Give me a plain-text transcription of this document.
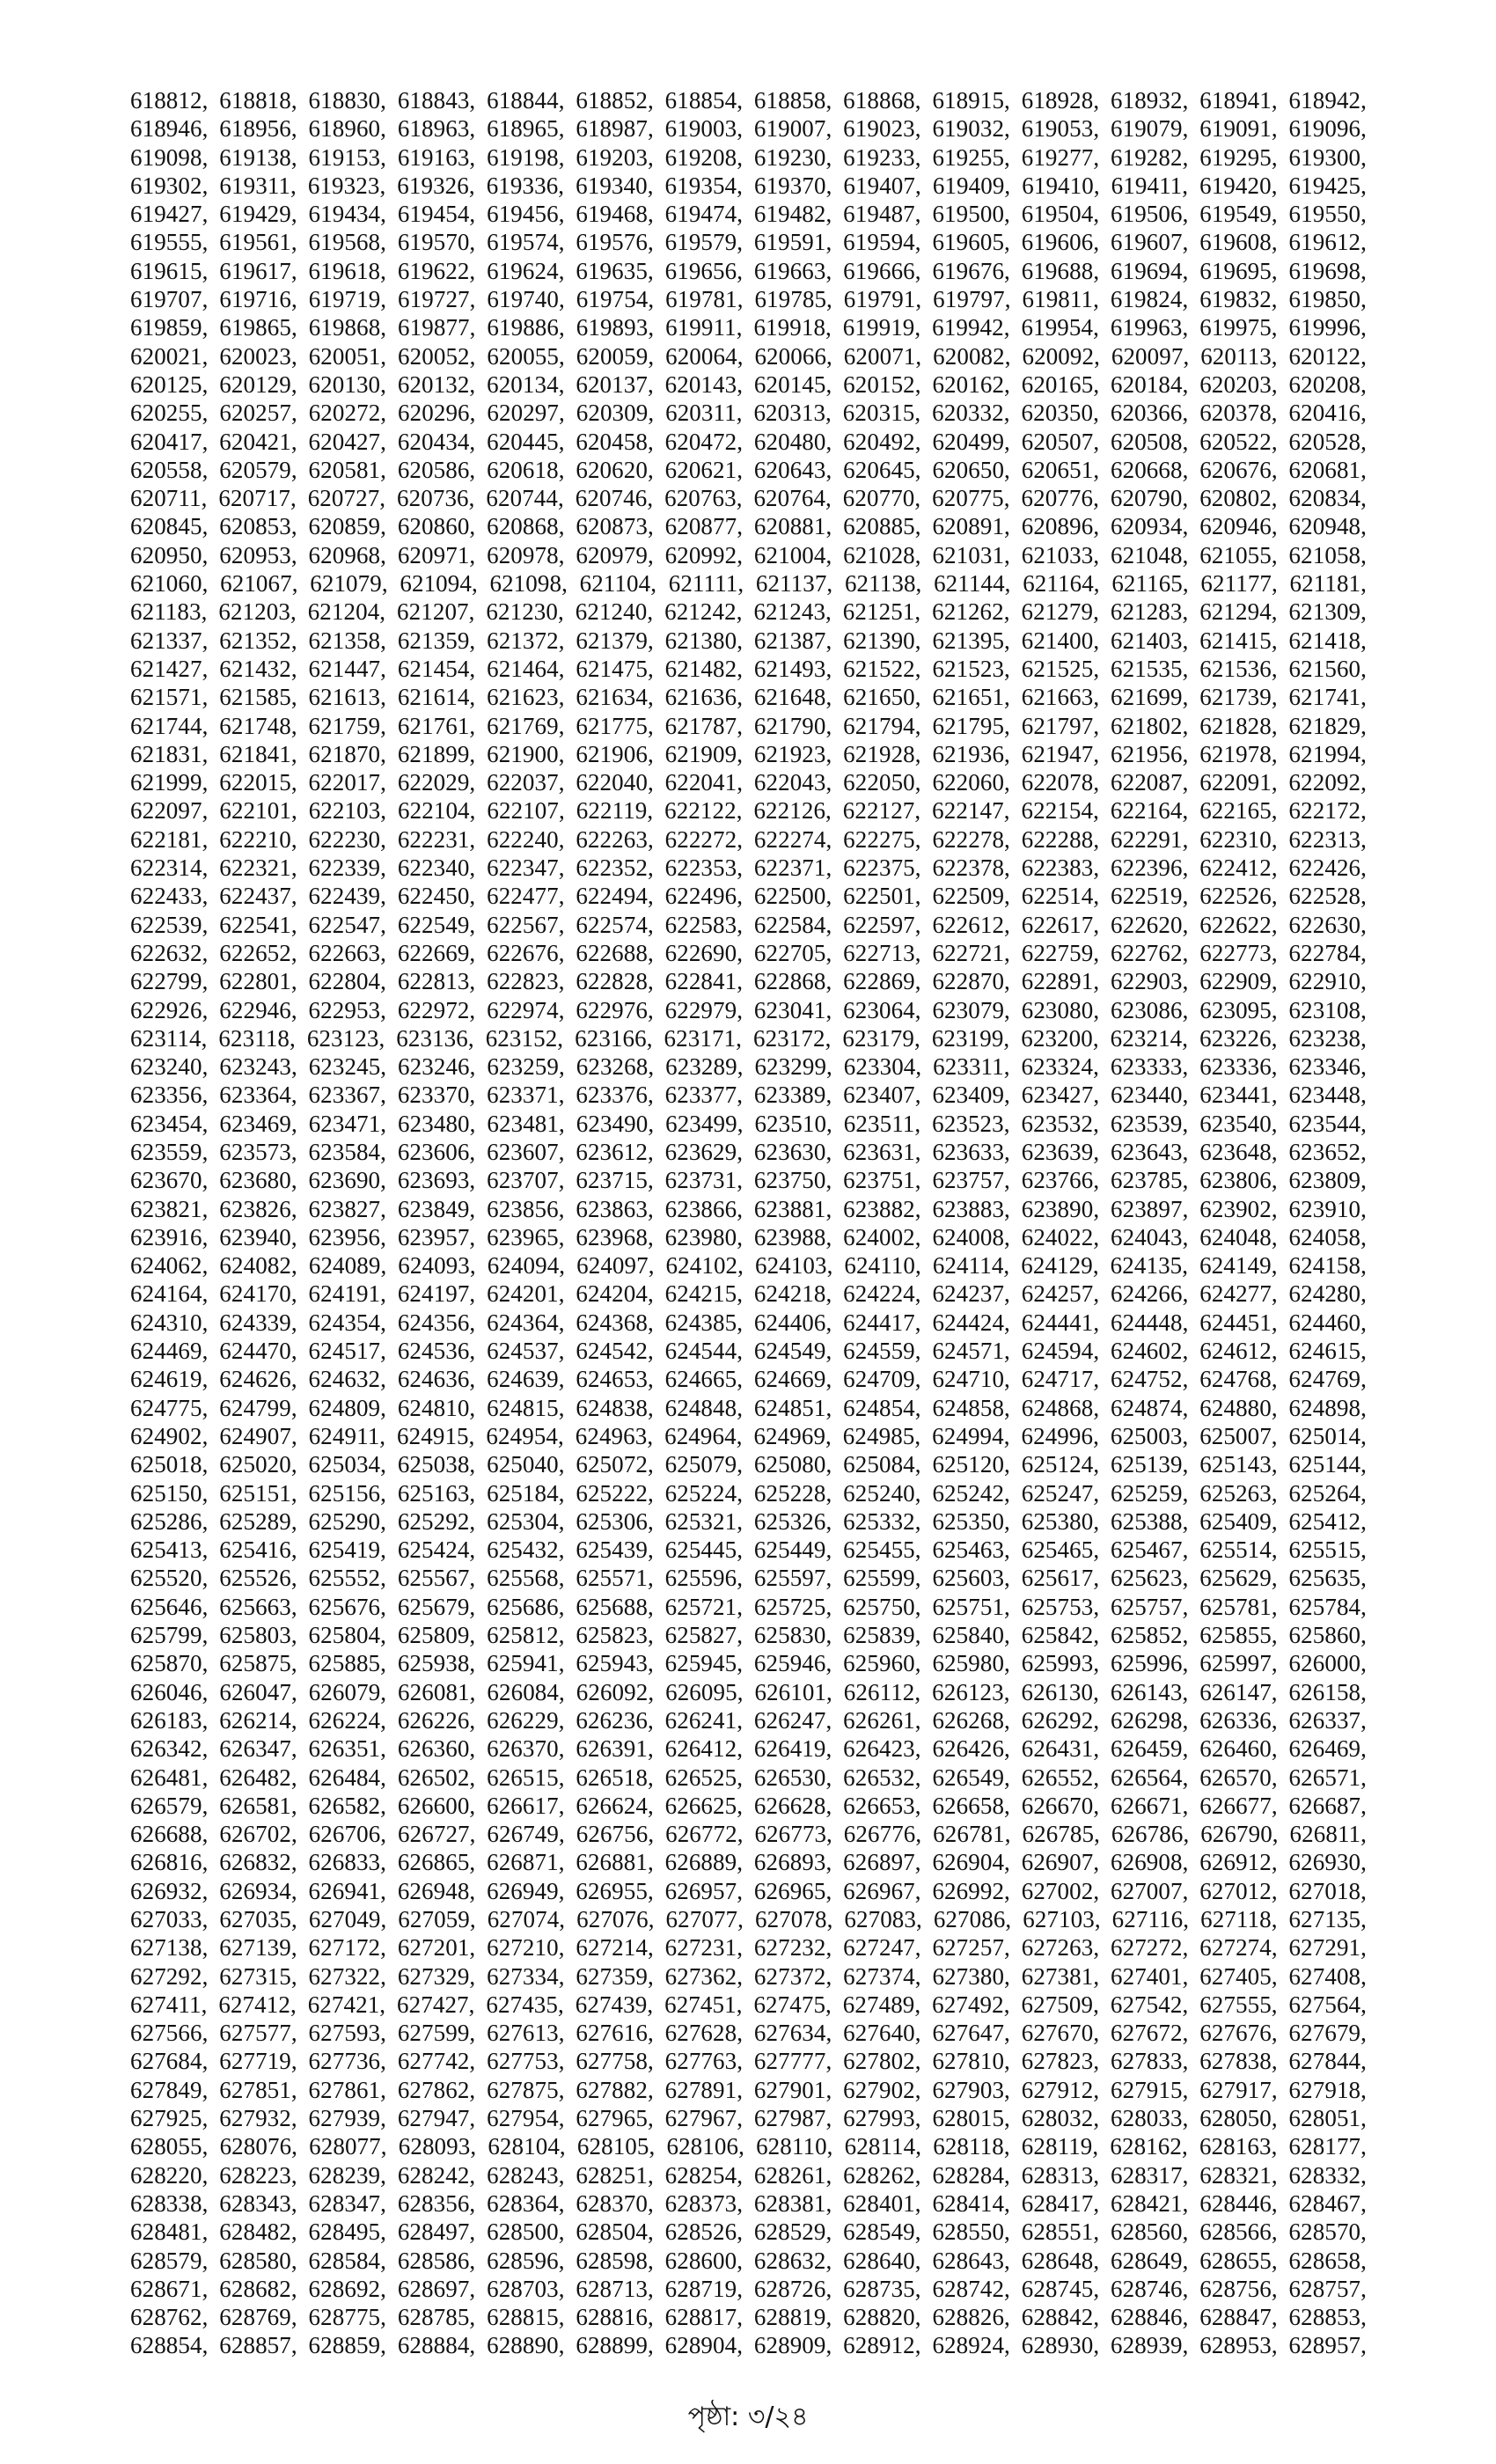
618812, 618818, 618830, 618843, 618844, 618852, 618854, 618858, 618868, 618915, 618928, 618932, 618941, 618942,
618946, 618956, 618960, 618963, 618965, 618987, 619003, 619007, 619023, 619032, 619053, 619079, 619091, 619096,
619098, 619138, 619153, 619163, 619198, 619203, 619208, 619230, 619233, 619255, 619277, 619282, 619295, 619300,
619302, 619311, 619323, 619326, 619336, 619340, 619354, 619370, 619407, 619409, 619410, 619411, 619420, 619425,
619427, 619429, 619434, 619454, 619456, 619468, 619474, 619482, 619487, 619500, 619504, 619506, 619549, 619550,
619555, 619561, 619568, 619570, 619574, 619576, 619579, 619591, 619594, 619605, 619606, 619607, 619608, 619612,
619615, 619617, 619618, 619622, 619624, 619635, 619656, 619663, 619666, 619676, 619688, 619694, 619695, 619698,
619707, 619716, 619719, 619727, 619740, 619754, 619781, 619785, 619791, 619797, 619811, 619824, 619832, 619850,
619859, 619865, 619868, 619877, 619886, 619893, 619911, 619918, 619919, 619942, 619954, 619963, 619975, 619996,
620021, 620023, 620051, 620052, 620055, 620059, 620064, 620066, 620071, 620082, 620092, 620097, 620113, 620122,
620125, 620129, 620130, 620132, 620134, 620137, 620143, 620145, 620152, 620162, 620165, 620184, 620203, 620208,
620255, 620257, 620272, 620296, 620297, 620309, 620311, 620313, 620315, 620332, 620350, 620366, 620378, 620416,
620417, 620421, 620427, 620434, 620445, 620458, 620472, 620480, 620492, 620499, 620507, 620508, 620522, 620528,
620558, 620579, 620581, 620586, 620618, 620620, 620621, 620643, 620645, 620650, 620651, 620668, 620676, 620681,
620711, 620717, 620727, 620736, 620744, 620746, 620763, 620764, 620770, 620775, 620776, 620790, 620802, 620834,
620845, 620853, 620859, 620860, 620868, 620873, 620877, 620881, 620885, 620891, 620896, 620934, 620946, 620948,
620950, 620953, 620968, 620971, 620978, 620979, 620992, 621004, 621028, 621031, 621033, 621048, 621055, 621058,
621060, 621067, 621079, 621094, 621098, 621104, 621111, 621137, 621138, 621144, 621164, 621165, 621177, 621181,
621183, 621203, 621204, 621207, 621230, 621240, 621242, 621243, 621251, 621262, 621279, 621283, 621294, 621309,
621337, 621352, 621358, 621359, 621372, 621379, 621380, 621387, 621390, 621395, 621400, 621403, 621415, 621418,
621427, 621432, 621447, 621454, 621464, 621475, 621482, 621493, 621522, 621523, 621525, 621535, 621536, 621560,
621571, 621585, 621613, 621614, 621623, 621634, 621636, 621648, 621650, 621651, 621663, 621699, 621739, 621741,
621744, 621748, 621759, 621761, 621769, 621775, 621787, 621790, 621794, 621795, 621797, 621802, 621828, 621829,
621831, 621841, 621870, 621899, 621900, 621906, 621909, 621923, 621928, 621936, 621947, 621956, 621978, 621994,
621999, 622015, 622017, 622029, 622037, 622040, 622041, 622043, 622050, 622060, 622078, 622087, 622091, 622092,
622097, 622101, 622103, 622104, 622107, 622119, 622122, 622126, 622127, 622147, 622154, 622164, 622165, 622172,
622181, 622210, 622230, 622231, 622240, 622263, 622272, 622274, 622275, 622278, 622288, 622291, 622310, 622313,
622314, 622321, 622339, 622340, 622347, 622352, 622353, 622371, 622375, 622378, 622383, 622396, 622412, 622426,
622433, 622437, 622439, 622450, 622477, 622494, 622496, 622500, 622501, 622509, 622514, 622519, 622526, 622528,
622539, 622541, 622547, 622549, 622567, 622574, 622583, 622584, 622597, 622612, 622617, 622620, 622622, 622630,
622632, 622652, 622663, 622669, 622676, 622688, 622690, 622705, 622713, 622721, 622759, 622762, 622773, 622784,
622799, 622801, 622804, 622813, 622823, 622828, 622841, 622868, 622869, 622870, 622891, 622903, 622909, 622910,
622926, 622946, 622953, 622972, 622974, 622976, 622979, 623041, 623064, 623079, 623080, 623086, 623095, 623108,
623114, 623118, 623123, 623136, 623152, 623166, 623171, 623172, 623179, 623199, 623200, 623214, 623226, 623238,
623240, 623243, 623245, 623246, 623259, 623268, 623289, 623299, 623304, 623311, 623324, 623333, 623336, 623346,
623356, 623364, 623367, 623370, 623371, 623376, 623377, 623389, 623407, 623409, 623427, 623440, 623441, 623448,
623454, 623469, 623471, 623480, 623481, 623490, 623499, 623510, 623511, 623523, 623532, 623539, 623540, 623544,
623559, 623573, 623584, 623606, 623607, 623612, 623629, 623630, 623631, 623633, 623639, 623643, 623648, 623652,
623670, 623680, 623690, 623693, 623707, 623715, 623731, 623750, 623751, 623757, 623766, 623785, 623806, 623809,
623821, 623826, 623827, 623849, 623856, 623863, 623866, 623881, 623882, 623883, 623890, 623897, 623902, 623910,
623916, 623940, 623956, 623957, 623965, 623968, 623980, 623988, 624002, 624008, 624022, 624043, 624048, 624058,
624062, 624082, 624089, 624093, 624094, 624097, 624102, 624103, 624110, 624114, 624129, 624135, 624149, 624158,
624164, 624170, 624191, 624197, 624201, 624204, 624215, 624218, 624224, 624237, 624257, 624266, 624277, 624280,
624310, 624339, 624354, 624356, 624364, 624368, 624385, 624406, 624417, 624424, 624441, 624448, 624451, 624460,
624469, 624470, 624517, 624536, 624537, 624542, 624544, 624549, 624559, 624571, 624594, 624602, 624612, 624615,
624619, 624626, 624632, 624636, 624639, 624653, 624665, 624669, 624709, 624710, 624717, 624752, 624768, 624769,
624775, 624799, 624809, 624810, 624815, 624838, 624848, 624851, 624854, 624858, 624868, 624874, 624880, 624898,
624902, 624907, 624911, 624915, 624954, 624963, 624964, 624969, 624985, 624994, 624996, 625003, 625007, 625014,
625018, 625020, 625034, 625038, 625040, 625072, 625079, 625080, 625084, 625120, 625124, 625139, 625143, 625144,
625150, 625151, 625156, 625163, 625184, 625222, 625224, 625228, 625240, 625242, 625247, 625259, 625263, 625264,
625286, 625289, 625290, 625292, 625304, 625306, 625321, 625326, 625332, 625350, 625380, 625388, 625409, 625412,
625413, 625416, 625419, 625424, 625432, 625439, 625445, 625449, 625455, 625463, 625465, 625467, 625514, 625515,
625520, 625526, 625552, 625567, 625568, 625571, 625596, 625597, 625599, 625603, 625617, 625623, 625629, 625635,
625646, 625663, 625676, 625679, 625686, 625688, 625721, 625725, 625750, 625751, 625753, 625757, 625781, 625784,
625799, 625803, 625804, 625809, 625812, 625823, 625827, 625830, 625839, 625840, 625842, 625852, 625855, 625860,
625870, 625875, 625885, 625938, 625941, 625943, 625945, 625946, 625960, 625980, 625993, 625996, 625997, 626000,
626046, 626047, 626079, 626081, 626084, 626092, 626095, 626101, 626112, 626123, 626130, 626143, 626147, 626158,
626183, 626214, 626224, 626226, 626229, 626236, 626241, 626247, 626261, 626268, 626292, 626298, 626336, 626337,
626342, 626347, 626351, 626360, 626370, 626391, 626412, 626419, 626423, 626426, 626431, 626459, 626460, 626469,
626481, 626482, 626484, 626502, 626515, 626518, 626525, 626530, 626532, 626549, 626552, 626564, 626570, 626571,
626579, 626581, 626582, 626600, 626617, 626624, 626625, 626628, 626653, 626658, 626670, 626671, 626677, 626687,
626688, 626702, 626706, 626727, 626749, 626756, 626772, 626773, 626776, 626781, 626785, 626786, 626790, 626811,
626816, 626832, 626833, 626865, 626871, 626881, 626889, 626893, 626897, 626904, 626907, 626908, 626912, 626930,
626932, 626934, 626941, 626948, 626949, 626955, 626957, 626965, 626967, 626992, 627002, 627007, 627012, 627018,
627033, 627035, 627049, 627059, 627074, 627076, 627077, 627078, 627083, 627086, 627103, 627116, 627118, 627135,
627138, 627139, 627172, 627201, 627210, 627214, 627231, 627232, 627247, 627257, 627263, 627272, 627274, 627291,
627292, 627315, 627322, 627329, 627334, 627359, 627362, 627372, 627374, 627380, 627381, 627401, 627405, 627408,
627411, 627412, 627421, 627427, 627435, 627439, 627451, 627475, 627489, 627492, 627509, 627542, 627555, 627564,
627566, 627577, 627593, 627599, 627613, 627616, 627628, 627634, 627640, 627647, 627670, 627672, 627676, 627679,
627684, 627719, 627736, 627742, 627753, 627758, 627763, 627777, 627802, 627810, 627823, 627833, 627838, 627844,
627849, 627851, 627861, 627862, 627875, 627882, 627891, 627901, 627902, 627903, 627912, 627915, 627917, 627918,
627925, 627932, 627939, 627947, 627954, 627965, 627967, 627987, 627993, 628015, 628032, 628033, 628050, 628051,
628055, 628076, 628077, 628093, 628104, 628105, 628106, 628110, 628114, 628118, 628119, 628162, 628163, 628177,
628220, 628223, 628239, 628242, 628243, 628251, 628254, 628261, 628262, 628284, 628313, 628317, 628321, 628332,
628338, 628343, 628347, 628356, 628364, 628370, 628373, 628381, 628401, 628414, 628417, 628421, 628446, 628467,
628481, 628482, 628495, 628497, 628500, 628504, 628526, 628529, 628549, 628550, 628551, 628560, 628566, 628570,
628579, 628580, 628584, 628586, 628596, 628598, 628600, 628632, 628640, 628643, 628648, 628649, 628655, 628658,
628671, 628682, 628692, 628697, 628703, 628713, 628719, 628726, 628735, 628742, 628745, 628746, 628756, 628757,
628762, 628769, 628775, 628785, 628815, 628816, 628817, 628819, 628820, 628826, 628842, 628846, 628847, 628853,
628854, 628857, 628859, 628884, 628890, 628899, 628904, 628909, 628912, 628924, 628930, 628939, 628953, 628957,
পৃষ্ঠা: ৩/২৪
